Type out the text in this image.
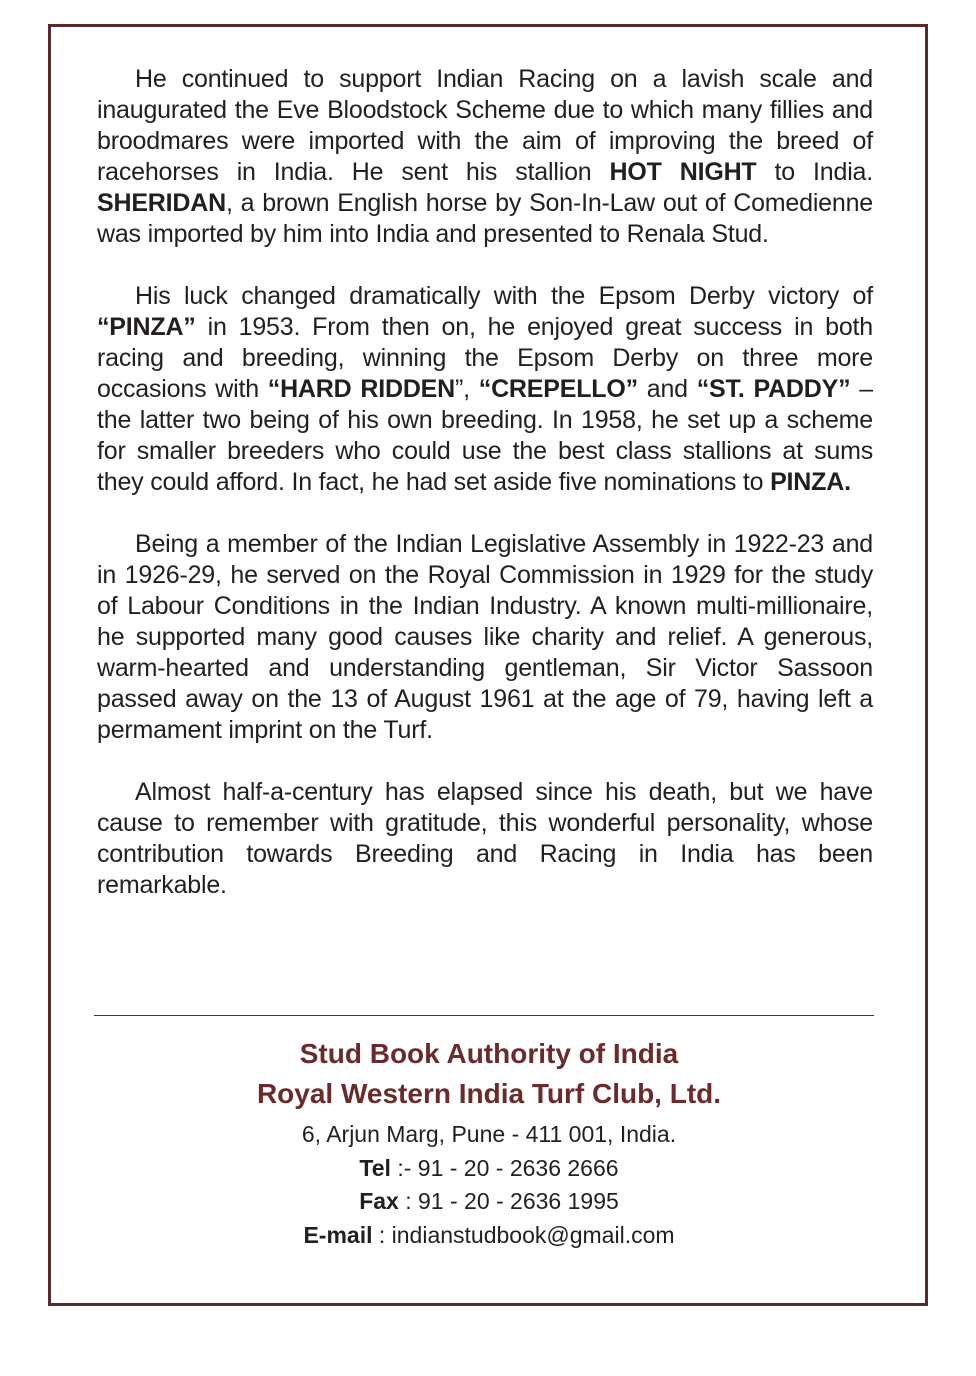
He continued to support Indian Racing on a lavish scale and inaugurated the Eve Bloodstock Scheme due to which many fillies and broodmares were imported with the aim of improving the breed of racehorses in India. He sent his stallion HOT NIGHT to India. SHERIDAN, a brown English horse by Son-In-Law out of Comedienne was imported by him into India and presented to Renala Stud.

His luck changed dramatically with the Epsom Derby victory of “PINZA” in 1953. From then on, he enjoyed great success in both racing and breeding, winning the Epsom Derby on three more occasions with “HARD RIDDEN”, “CREPELLO” and “ST. PADDY” – the latter two being of his own breeding. In 1958, he set up a scheme for smaller breeders who could use the best class stallions at sums they could afford. In fact, he had set aside five nominations to PINZA.

Being a member of the Indian Legislative Assembly in 1922-23 and in 1926-29, he served on the Royal Commission in 1929 for the study of Labour Conditions in the Indian Industry. A known multi-millionaire, he supported many good causes like charity and relief. A generous, warm-hearted and understanding gentleman, Sir Victor Sassoon passed away on the 13 of August 1961 at the age of 79, having left a permament imprint on the Turf.

Almost half-a-century has elapsed since his death, but we have cause to remember with gratitude, this wonderful personality, whose contribution towards Breeding and Racing in India has been remarkable.

Stud Book Authority of India
Royal Western India Turf Club, Ltd.
6, Arjun Marg, Pune - 411 001, India.
Tel :- 91 - 20 - 2636 2666
Fax : 91 - 20 - 2636 1995
E-mail : indianstudbook@gmail.com
